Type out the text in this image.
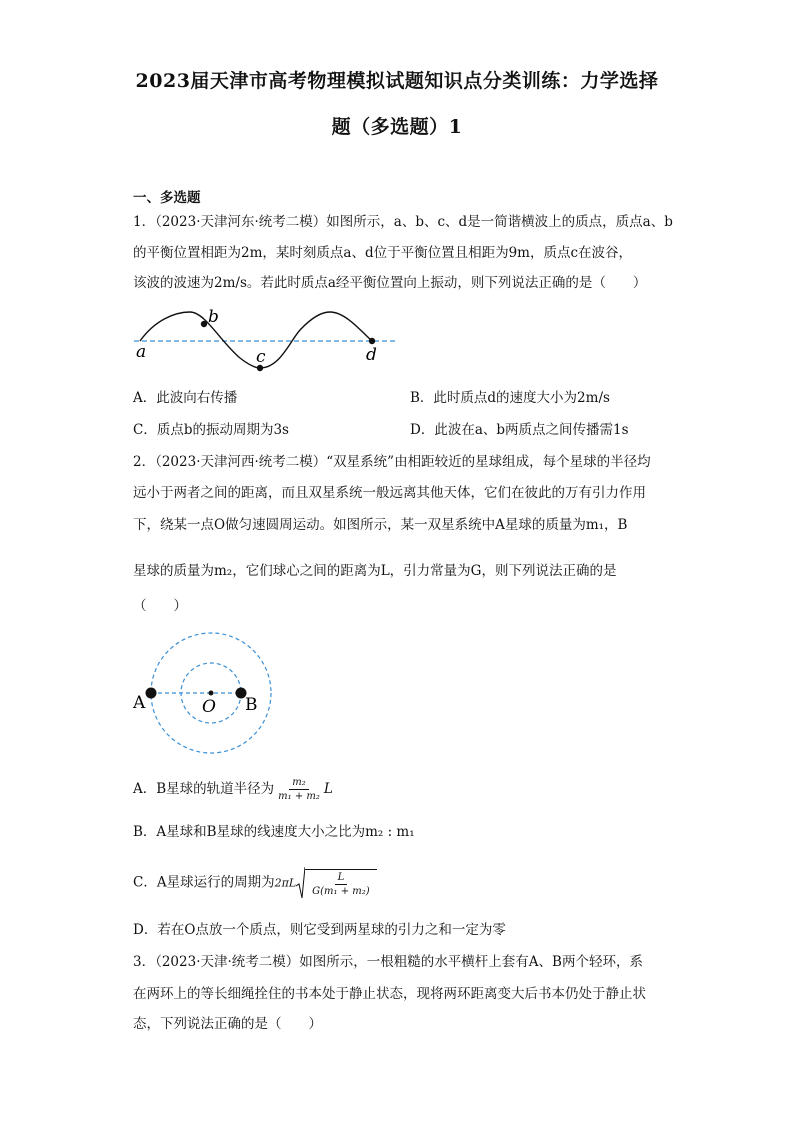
2023届天津市高考物理模拟试题知识点分类训练：力学选择
题（多选题）1
一、多选题
1．（2023·天津河东·统考二模）如图所示，a、b、c、d是一简谐横波上的质点，质点a、b
的平衡位置相距为2m，某时刻质点a、d位于平衡位置且相距为9m，质点c在波谷，
该波的波速为2m/s。若此时质点a经平衡位置向上振动，则下列说法正确的是（　　）
a
b
c	d
A．此波向右传播	B．此时质点d的速度大小为2m/s
C．质点b的振动周期为3s	D．此波在a、b两质点之间传播需1s
2．（2023·天津河西·统考二模）“双星系统”由相距较近的星球组成，每个星球的半径均
远小于两者之间的距离，而且双星系统一般远离其他天体，它们在彼此的万有引力作用
下，绕某一点O做匀速圆周运动。如图所示，某一双星系统中A星球的质量为m₁，B
星球的质量为m₂，它们球心之间的距离为L，引力常量为G，则下列说法正确的是
（　　）
A	O B
A．B星球的轨道半径为 $\frac{\text{m₂}}{\text{m₁ + m₂}}$ L
B．A星球和B星球的线速度大小之比为m₂ : m₁
C．A星球运行的周期为$2\pi L \frac{L}{\text{G(m₁ + m₂)}}$
D．若在O点放一个质点，则它受到两星球的引力之和一定为零
3．（2023·天津·统考二模）如图所示，一根粗糙的水平横杆上套有A、B两个轻环，系
在两环上的等长细绳拴住的书本处于静止状态，现将两环距离变大后书本仍处于静止状
态，下列说法正确的是（　　）
